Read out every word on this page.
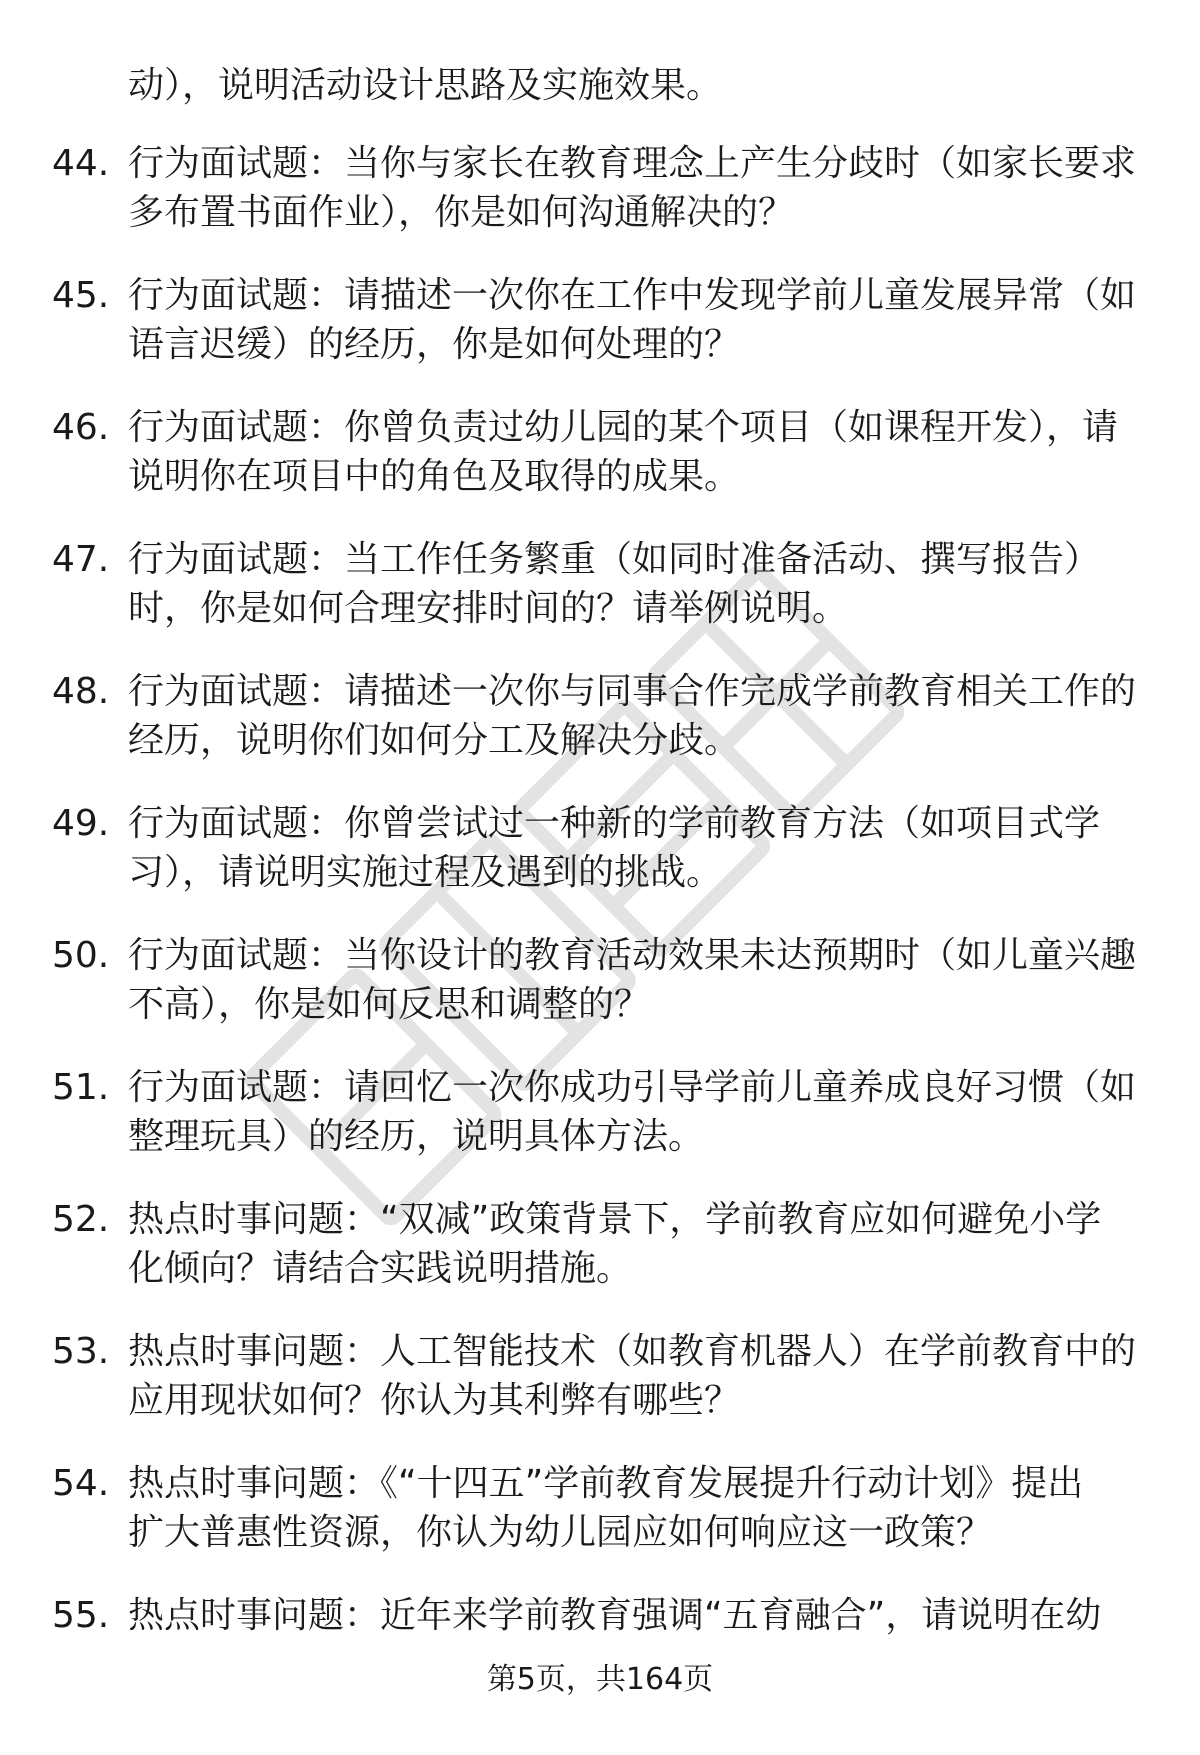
动），说明活动设计思路及实施效果。
44. 行为面试题：当你与家长在教育理念上产生分歧时（如家长要求
多布置书面作业），你是如何沟通解决的？
45. 行为面试题：请描述一次你在工作中发现学前儿童发展异常（如
语言迟缓）的经历，你是如何处理的？
46. 行为面试题：你曾负责过幼儿园的某个项目（如课程开发），请
说明你在项目中的角色及取得的成果。
47. 行为面试题：当工作任务繁重（如同时准备活动、撰写报告）
时，你是如何合理安排时间的？请举例说明。
48. 行为面试题：请描述一次你与同事合作完成学前教育相关工作的
经历，说明你们如何分工及解决分歧。
49. 行为面试题：你曾尝试过一种新的学前教育方法（如项目式学
习），请说明实施过程及遇到的挑战。
50. 行为面试题：当你设计的教育活动效果未达预期时（如儿童兴趣
不高），你是如何反思和调整的？
51. 行为面试题：请回忆一次你成功引导学前儿童养成良好习惯（如
整理玩具）的经历，说明具体方法。
52. 热点时事问题：“双减”政策背景下，学前教育应如何避免小学
化倾向？请结合实践说明措施。
53. 热点时事问题：人工智能技术（如教育机器人）在学前教育中的
应用现状如何？你认为其利弊有哪些？
54. 热点时事问题：《“十四五”学前教育发展提升行动计划》提出
扩大普惠性资源，你认为幼儿园应如何响应这一政策？
55. 热点时事问题：近年来学前教育强调“五育融合”，请说明在幼
第5页，共164页
